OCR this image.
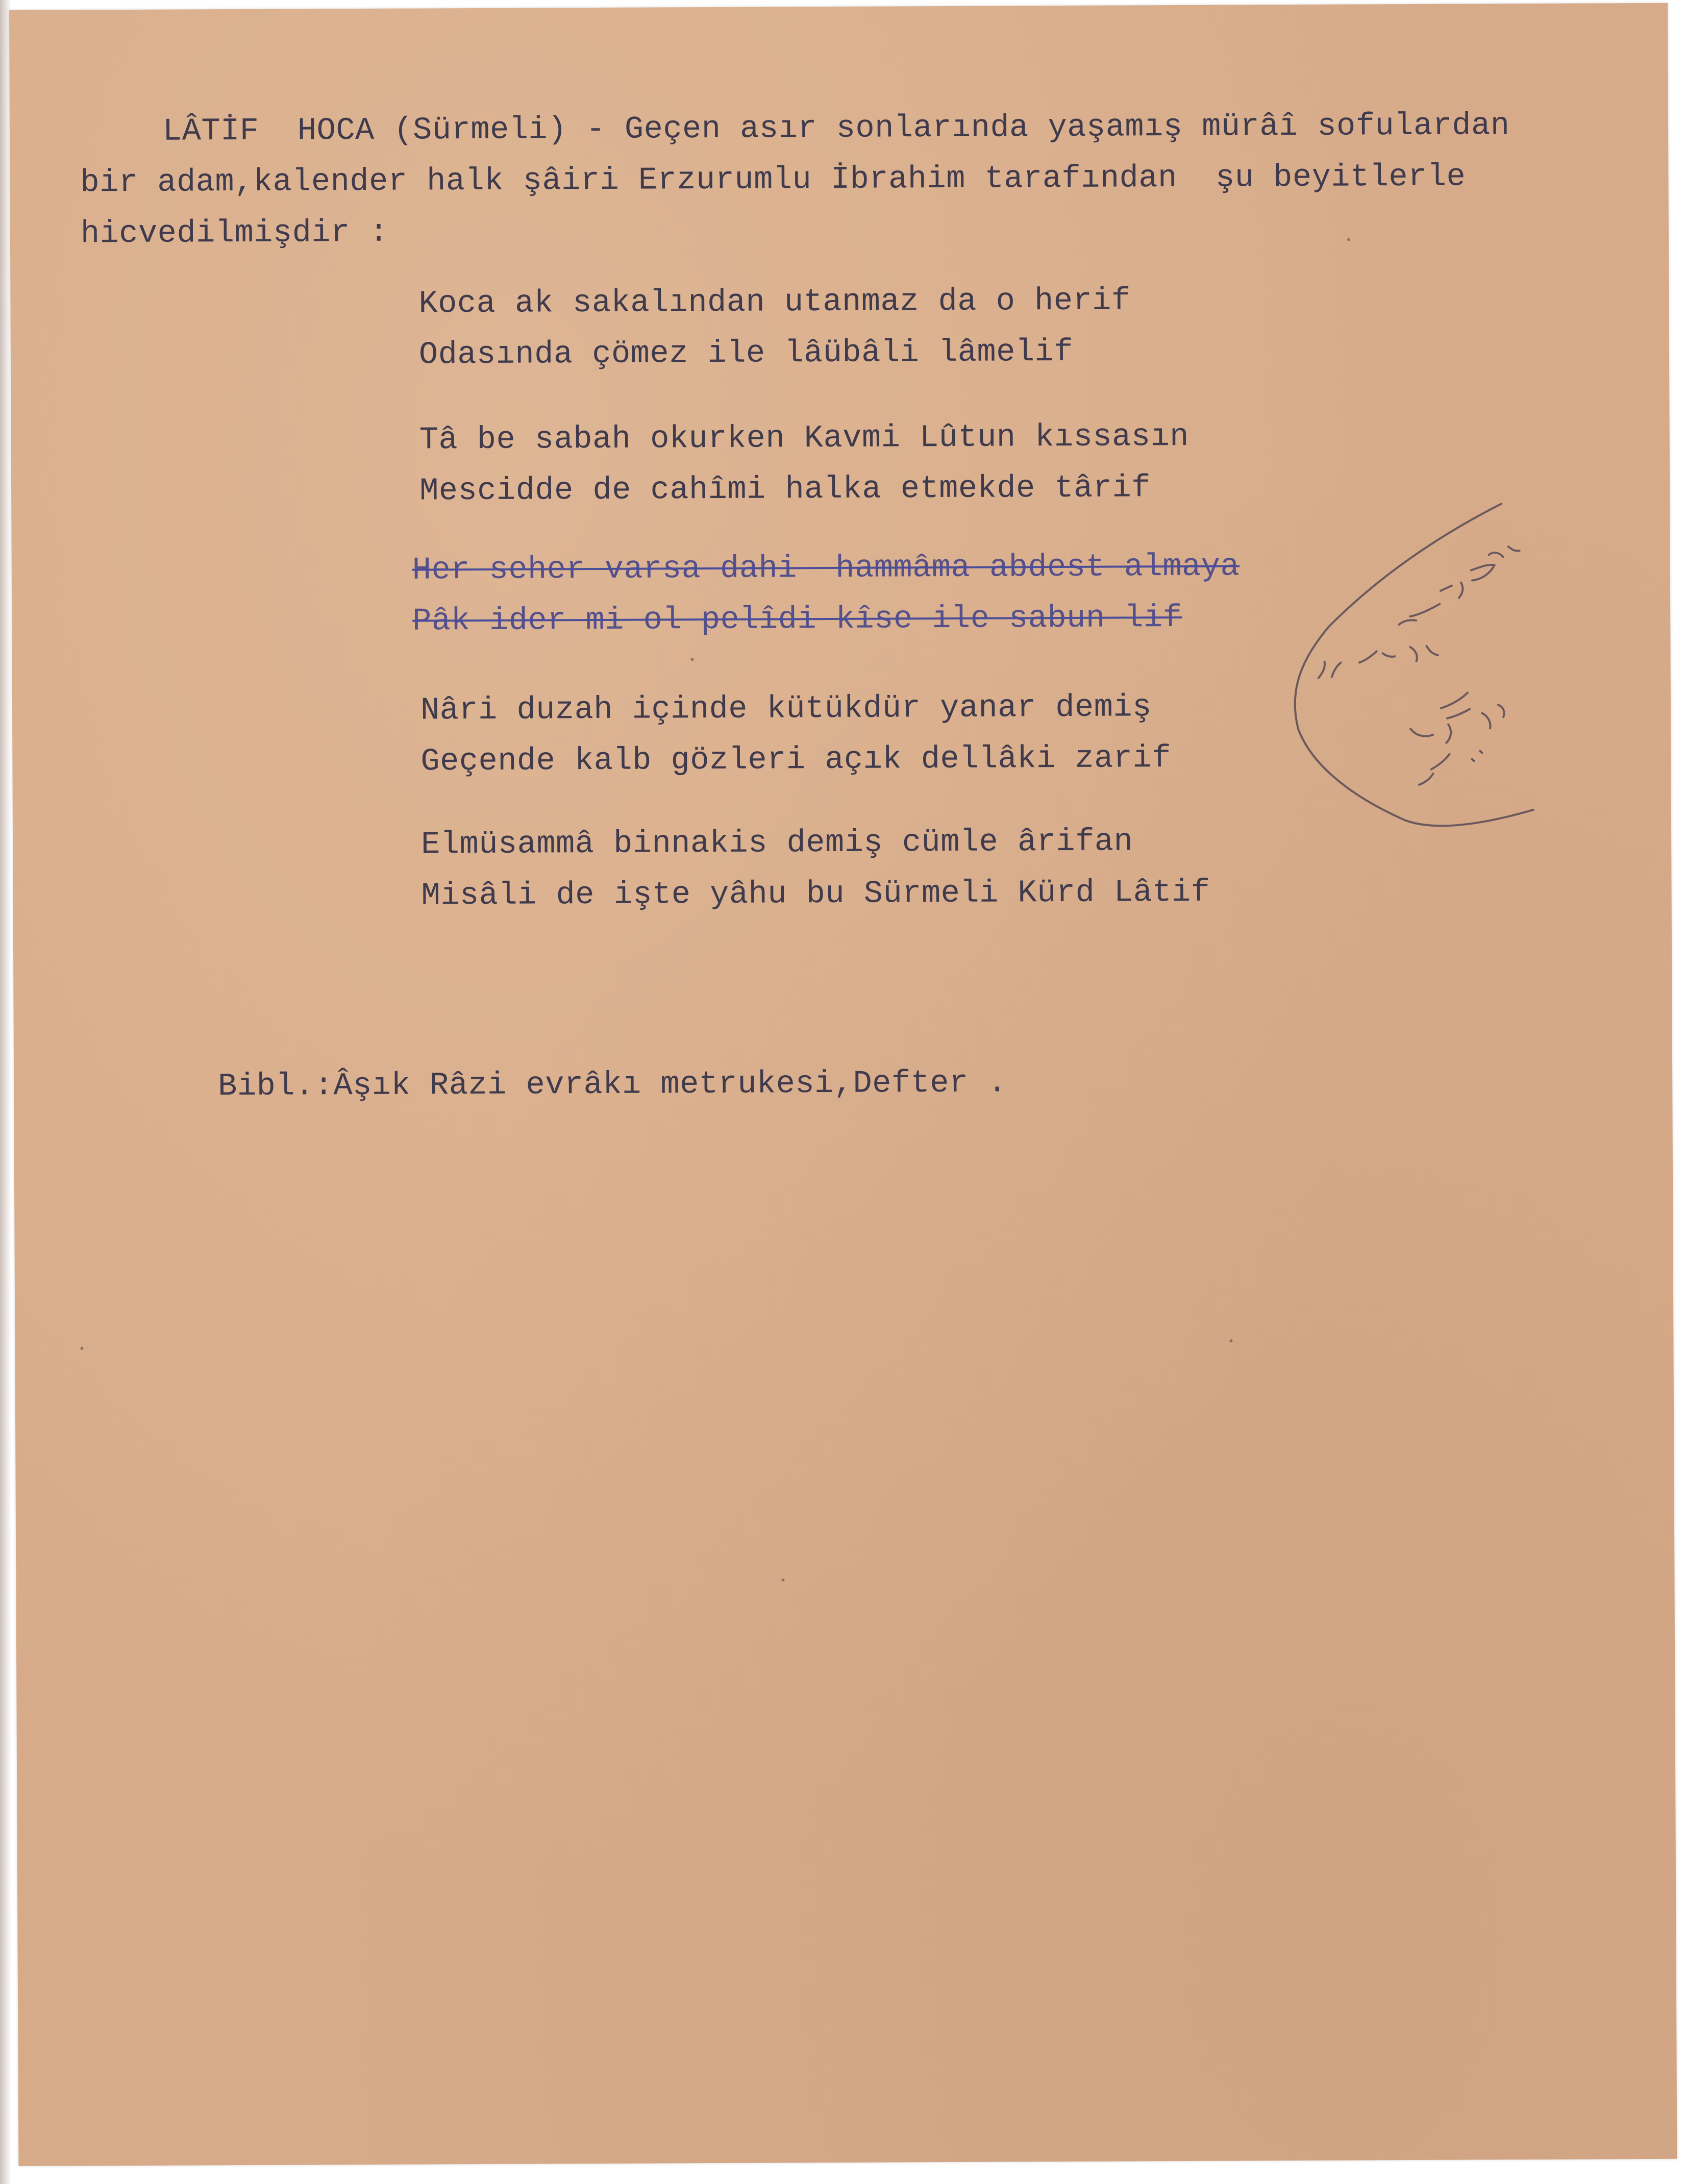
LÂTİF  HOCA (Sürmeli) - Geçen asır sonlarında yaşamış mürâî sofulardan
bir adam,kalender halk şâiri Erzurumlu İbrahim tarafından  şu beyitlerle
hicvedilmişdir :
Koca ak sakalından utanmaz da o herif
Odasında çömez ile lâübâli lâmelif
Tâ be sabah okurken Kavmi Lûtun kıssasın
Mescidde de cahîmi halka etmekde târif
Her seher varsa dahi  hammâma abdest almaya
Pâk ider mi ol pelîdi kîse ile sabun lif
Nâri duzah içinde kütükdür yanar demiş
Geçende kalb gözleri açık dellâki zarif
Elmüsammâ binnakis demiş cümle ârifan
Misâli de işte yâhu bu Sürmeli Kürd Lâtif
Bibl.:Âşık Râzi evrâkı metrukesi,Defter .
